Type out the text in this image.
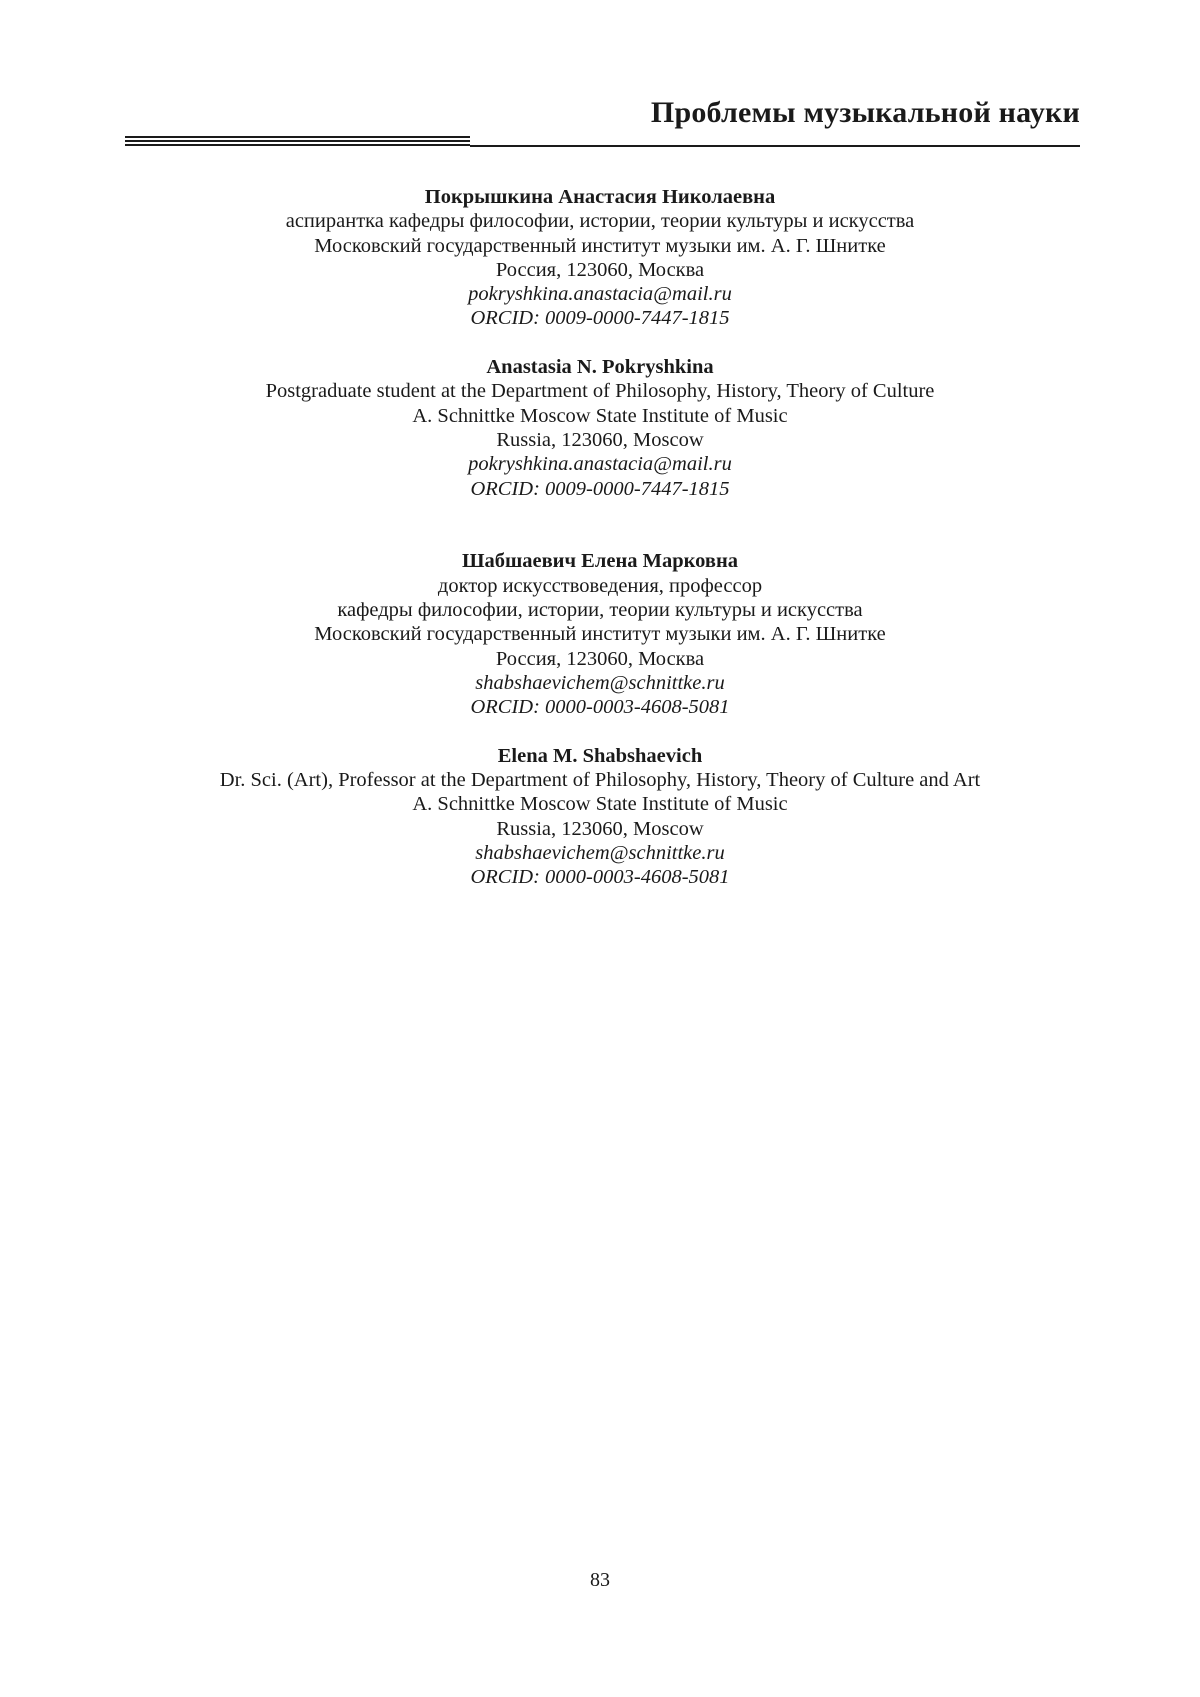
Проблемы музыкальной науки
Покрышкина Анастасия Николаевна
аспирантка кафедры философии, истории, теории культуры и искусства
Московский государственный институт музыки им. А. Г. Шнитке
Россия, 123060, Москва
pokryshkina.anastacia@mail.ru
ORCID: 0009-0000-7447-1815
Anastasia N. Pokryshkina
Postgraduate student at the Department of Philosophy, History, Theory of Culture
A. Schnittke Moscow State Institute of Music
Russia, 123060, Moscow
pokryshkina.anastacia@mail.ru
ORCID: 0009-0000-7447-1815
Шабшаевич Елена Марковна
доктор искусствоведения, профессор
кафедры философии, истории, теории культуры и искусства
Московский государственный институт музыки им. А. Г. Шнитке
Россия, 123060, Москва
shabshaevichem@schnittke.ru
ORCID: 0000-0003-4608-5081
Elena M. Shabshaevich
Dr. Sci. (Art), Professor at the Department of Philosophy, History, Theory of Culture and Art
A. Schnittke Moscow State Institute of Music
Russia, 123060, Moscow
shabshaevichem@schnittke.ru
ORCID: 0000-0003-4608-5081
83
